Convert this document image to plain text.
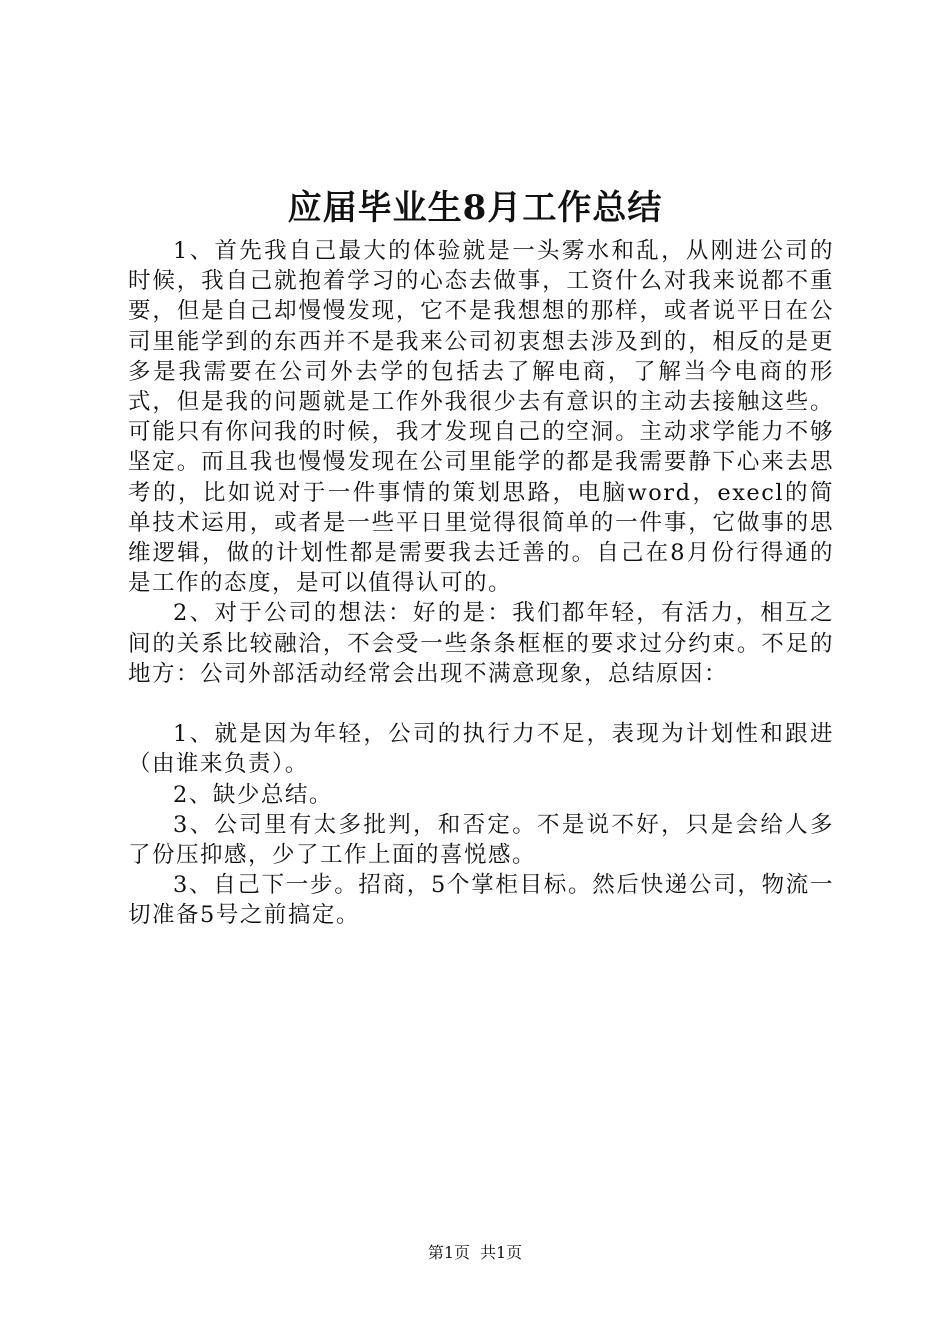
应届毕业生8月工作总结

1、首先我自己最大的体验就是一头雾水和乱，从刚进公司的时候，我自己就抱着学习的心态去做事，工资什么对我来说都不重要，但是自己却慢慢发现，它不是我想想的那样，或者说平日在公司里能学到的东西并不是我来公司初衷想去涉及到的，相反的是更多是我需要在公司外去学的包括去了解电商，了解当今电商的形式，但是我的问题就是工作外我很少去有意识的主动去接触这些。可能只有你问我的时候，我才发现自己的空洞。主动求学能力不够坚定。而且我也慢慢发现在公司里能学的都是我需要静下心来去思考的，比如说对于一件事情的策划思路，电脑word，execl的简单技术运用，或者是一些平日里觉得很简单的一件事，它做事的思维逻辑，做的计划性都是需要我去迁善的。自己在8月份行得通的是工作的态度，是可以值得认可的。

2、对于公司的想法：好的是：我们都年轻，有活力，相互之间的关系比较融洽，不会受一些条条框框的要求过分约束。不足的地方：公司外部活动经常会出现不满意现象，总结原因：

1、就是因为年轻，公司的执行力不足，表现为计划性和跟进（由谁来负责）。

2、缺少总结。

3、公司里有太多批判，和否定。不是说不好，只是会给人多了份压抑感，少了工作上面的喜悦感。

3、自己下一步。招商，5个掌柜目标。然后快递公司，物流一切准备5号之前搞定。

第1页 共1页
